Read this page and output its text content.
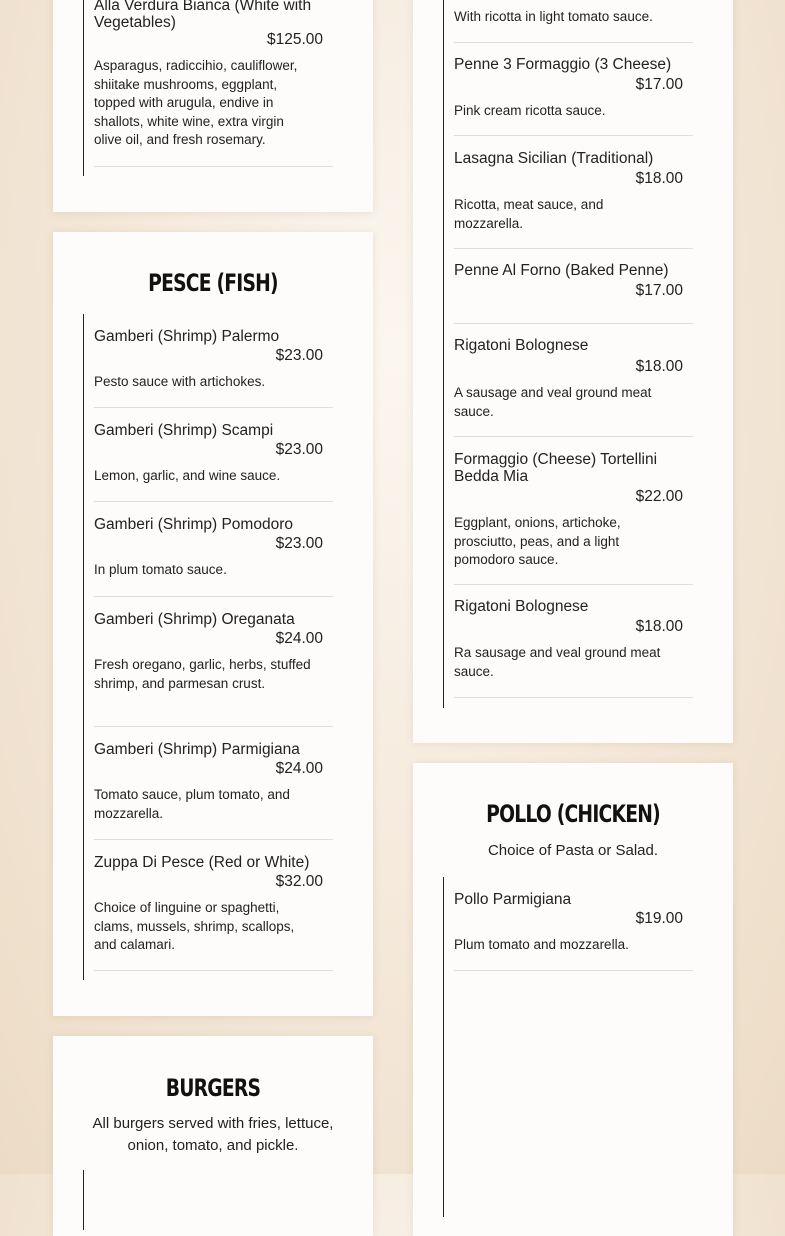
Alla Verdura Bianca (White with Vegetables)
$125.00
Asparagus, radiccihio, cauliflower, shiitake mushrooms, eggplant, topped with arugula, endive in shallots, white wine, extra virgin olive oil, and fresh rosemary.
PESCE (FISH)
Gamberi (Shrimp) Palermo
$23.00
Pesto sauce with artichokes.
Gamberi (Shrimp) Scampi
$23.00
Lemon, garlic, and wine sauce.
Gamberi (Shrimp) Pomodoro
$23.00
In plum tomato sauce.
Gamberi (Shrimp) Oreganata
$24.00
Fresh oregano, garlic, herbs, stuffed shrimp, and parmesan crust.
Gamberi (Shrimp) Parmigiana
$24.00
Tomato sauce, plum tomato, and mozzarella.
Zuppa Di Pesce (Red or White)
$32.00
Choice of linguine or spaghetti, clams, mussels, shrimp, scallops, and calamari.
BURGERS
All burgers served with fries, lettuce, onion, tomato, and pickle.
With ricotta in light tomato sauce.
Penne 3 Formaggio (3 Cheese)
$17.00
Pink cream ricotta sauce.
Lasagna Sicilian (Traditional)
$18.00
Ricotta, meat sauce, and mozzarella.
Penne Al Forno (Baked Penne)
$17.00
Rigatoni Bolognese
$18.00
A sausage and veal ground meat sauce.
Formaggio (Cheese) Tortellini Bedda Mia
$22.00
Eggplant, onions, artichoke, prosciutto, peas, and a light pomodoro sauce.
Rigatoni Bolognese
$18.00
Ra sausage and veal ground meat sauce.
POLLO (CHICKEN)
Choice of Pasta or Salad.
Pollo Parmigiana
$19.00
Plum tomato and mozzarella.
